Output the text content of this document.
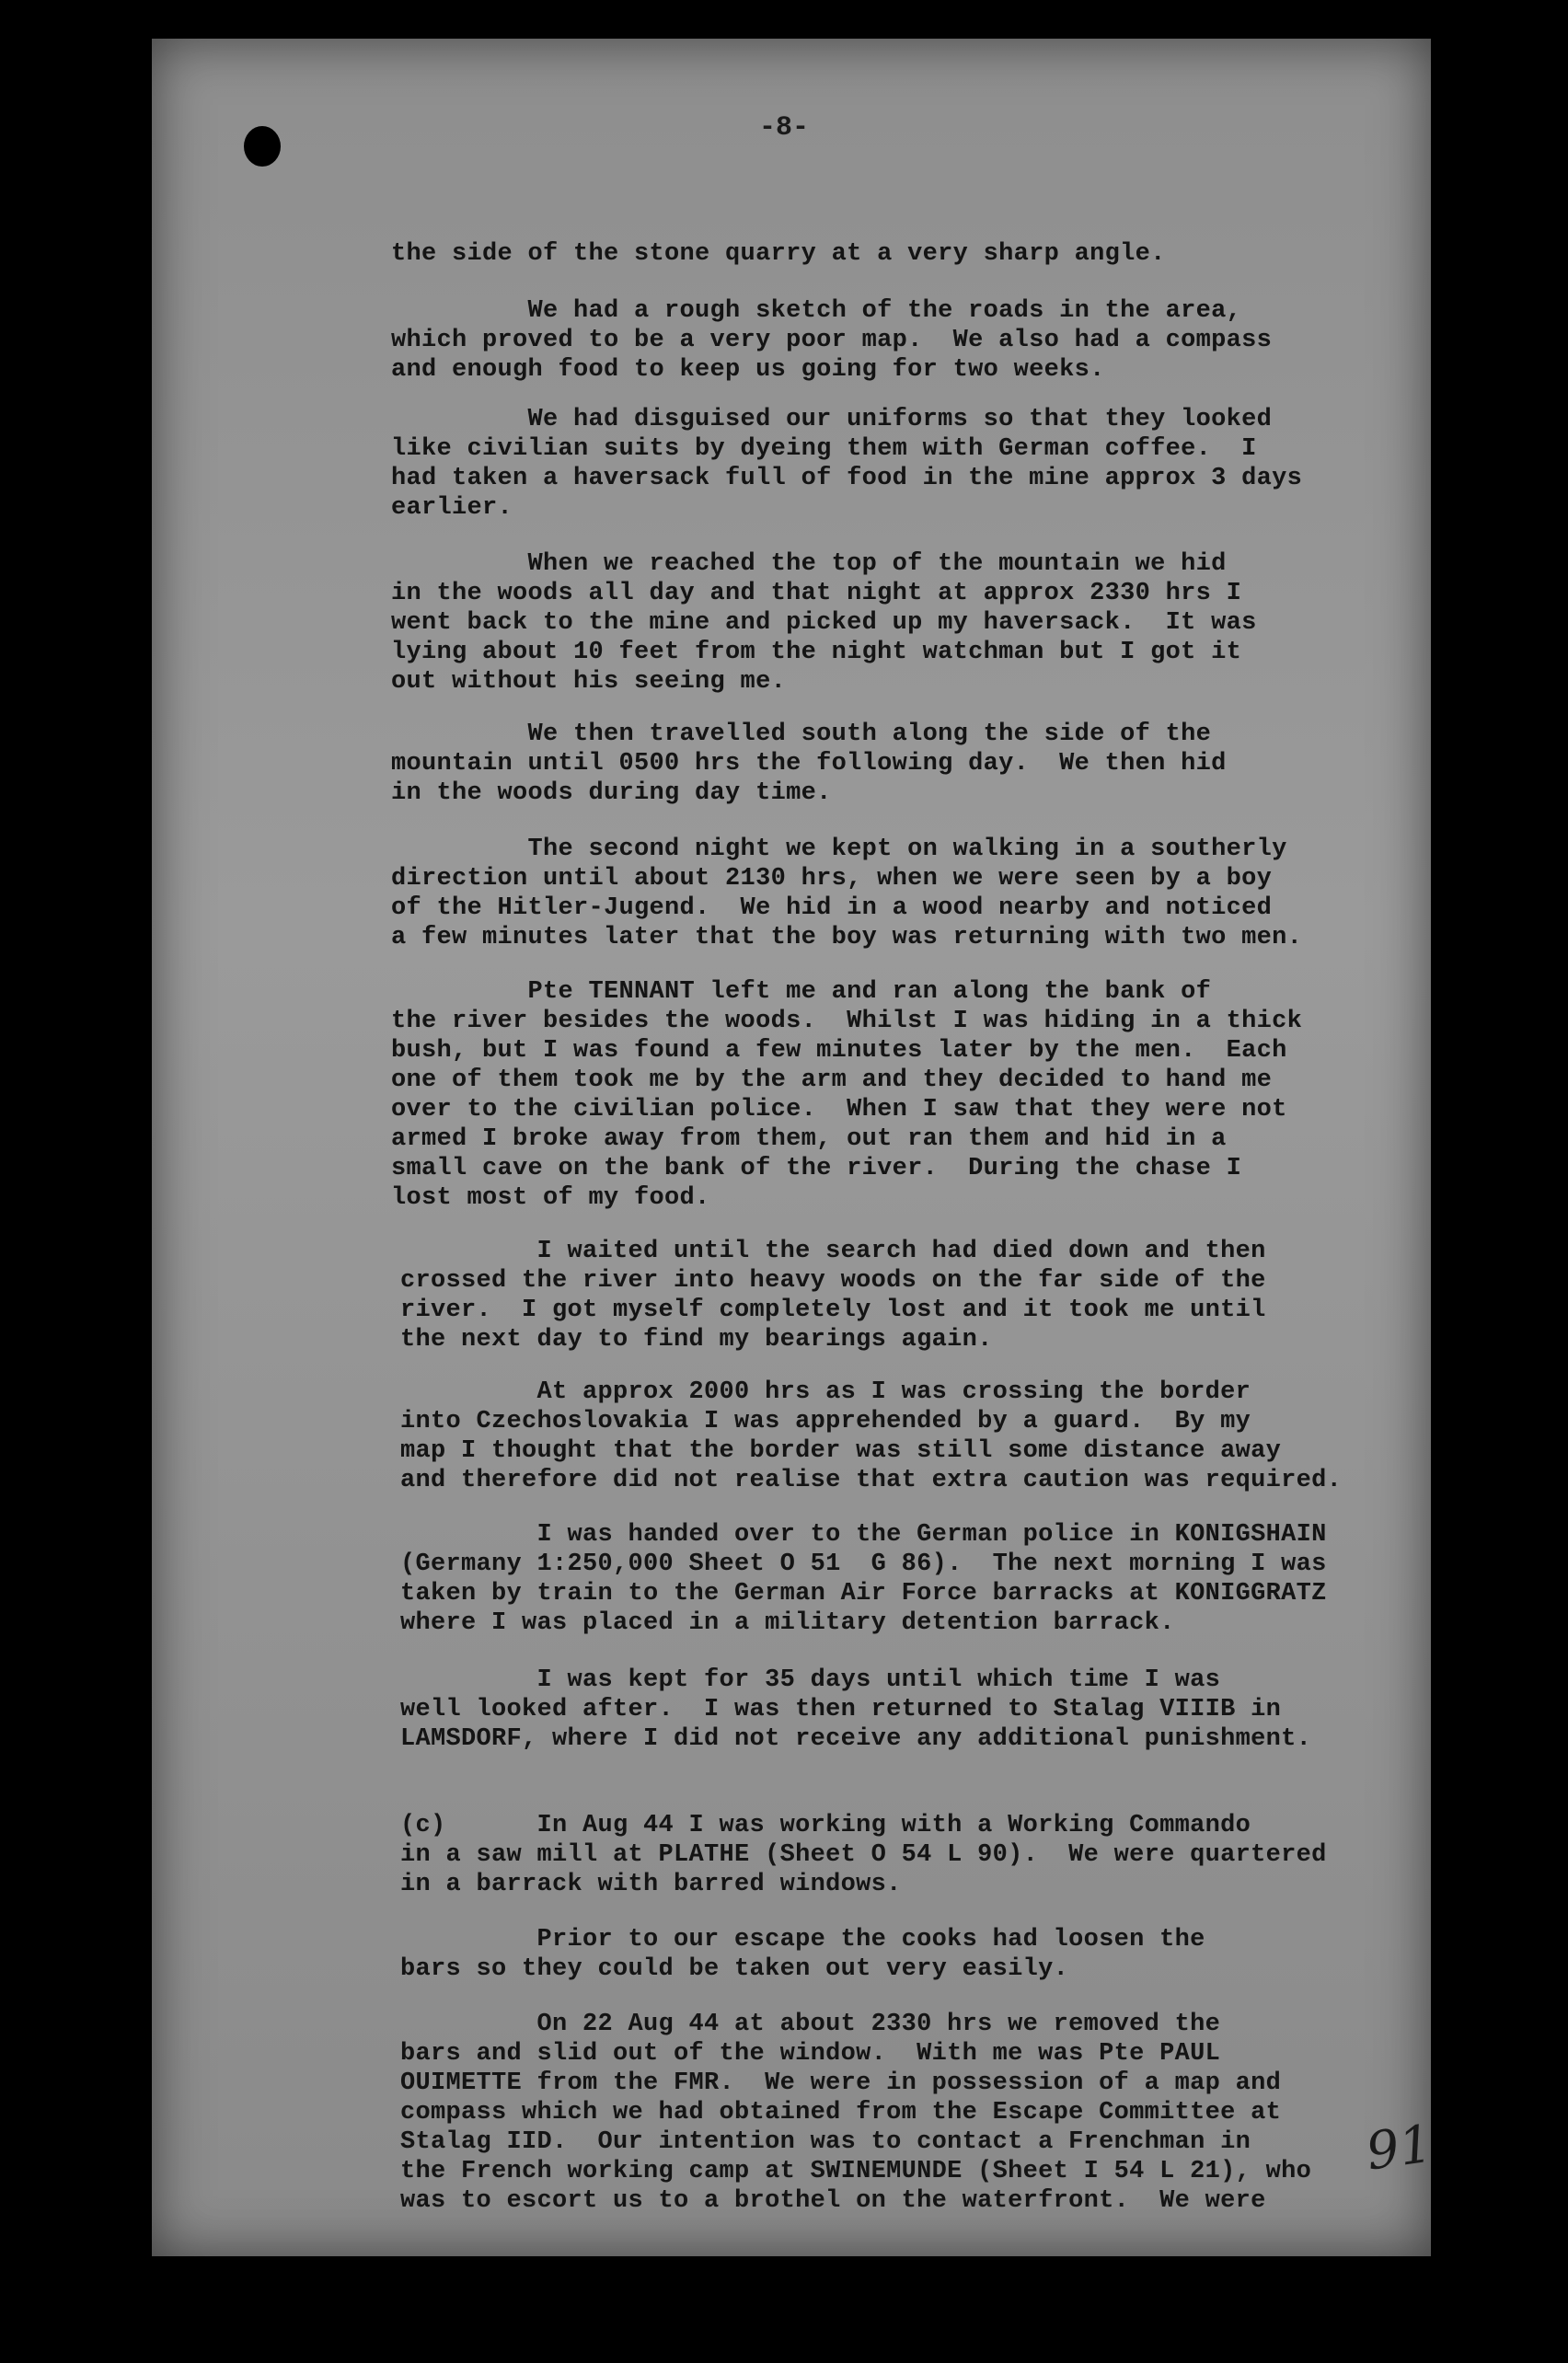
-8-
the side of the stone quarry at a very sharp angle.
We had a rough sketch of the roads in the area,
which proved to be a very poor map.  We also had a compass
and enough food to keep us going for two weeks.
We had disguised our uniforms so that they looked
like civilian suits by dyeing them with German coffee.  I
had taken a haversack full of food in the mine approx 3 days
earlier.
When we reached the top of the mountain we hid
in the woods all day and that night at approx 2330 hrs I
went back to the mine and picked up my haversack.  It was
lying about 10 feet from the night watchman but I got it
out without his seeing me.
We then travelled south along the side of the
mountain until 0500 hrs the following day.  We then hid
in the woods during day time.
The second night we kept on walking in a southerly
direction until about 2130 hrs, when we were seen by a boy
of the Hitler-Jugend.  We hid in a wood nearby and noticed
a few minutes later that the boy was returning with two men.
Pte TENNANT left me and ran along the bank of
the river besides the woods.  Whilst I was hiding in a thick
bush, but I was found a few minutes later by the men.  Each
one of them took me by the arm and they decided to hand me
over to the civilian police.  When I saw that they were not
armed I broke away from them, out ran them and hid in a
small cave on the bank of the river.  During the chase I
lost most of my food.
I waited until the search had died down and then
crossed the river into heavy woods on the far side of the
river.  I got myself completely lost and it took me until
the next day to find my bearings again.
At approx 2000 hrs as I was crossing the border
into Czechoslovakia I was apprehended by a guard.  By my
map I thought that the border was still some distance away
and therefore did not realise that extra caution was required.
I was handed over to the German police in KONIGSHAIN
(Germany 1:250,000 Sheet O 51  G 86).  The next morning I was
taken by train to the German Air Force barracks at KONIGGRATZ
where I was placed in a military detention barrack.
I was kept for 35 days until which time I was
well looked after.  I was then returned to Stalag VIIIB in
LAMSDORF, where I did not receive any additional punishment.
(c)      In Aug 44 I was working with a Working Commando
in a saw mill at PLATHE (Sheet O 54 L 90).  We were quartered
in a barrack with barred windows.
Prior to our escape the cooks had loosen the
bars so they could be taken out very easily.
On 22 Aug 44 at about 2330 hrs we removed the
bars and slid out of the window.  With me was Pte PAUL
OUIMETTE from the FMR.  We were in possession of a map and
compass which we had obtained from the Escape Committee at
Stalag IID.  Our intention was to contact a Frenchman in
the French working camp at SWINEMUNDE (Sheet I 54 L 21), who
was to escort us to a brothel on the waterfront.  We were
91
